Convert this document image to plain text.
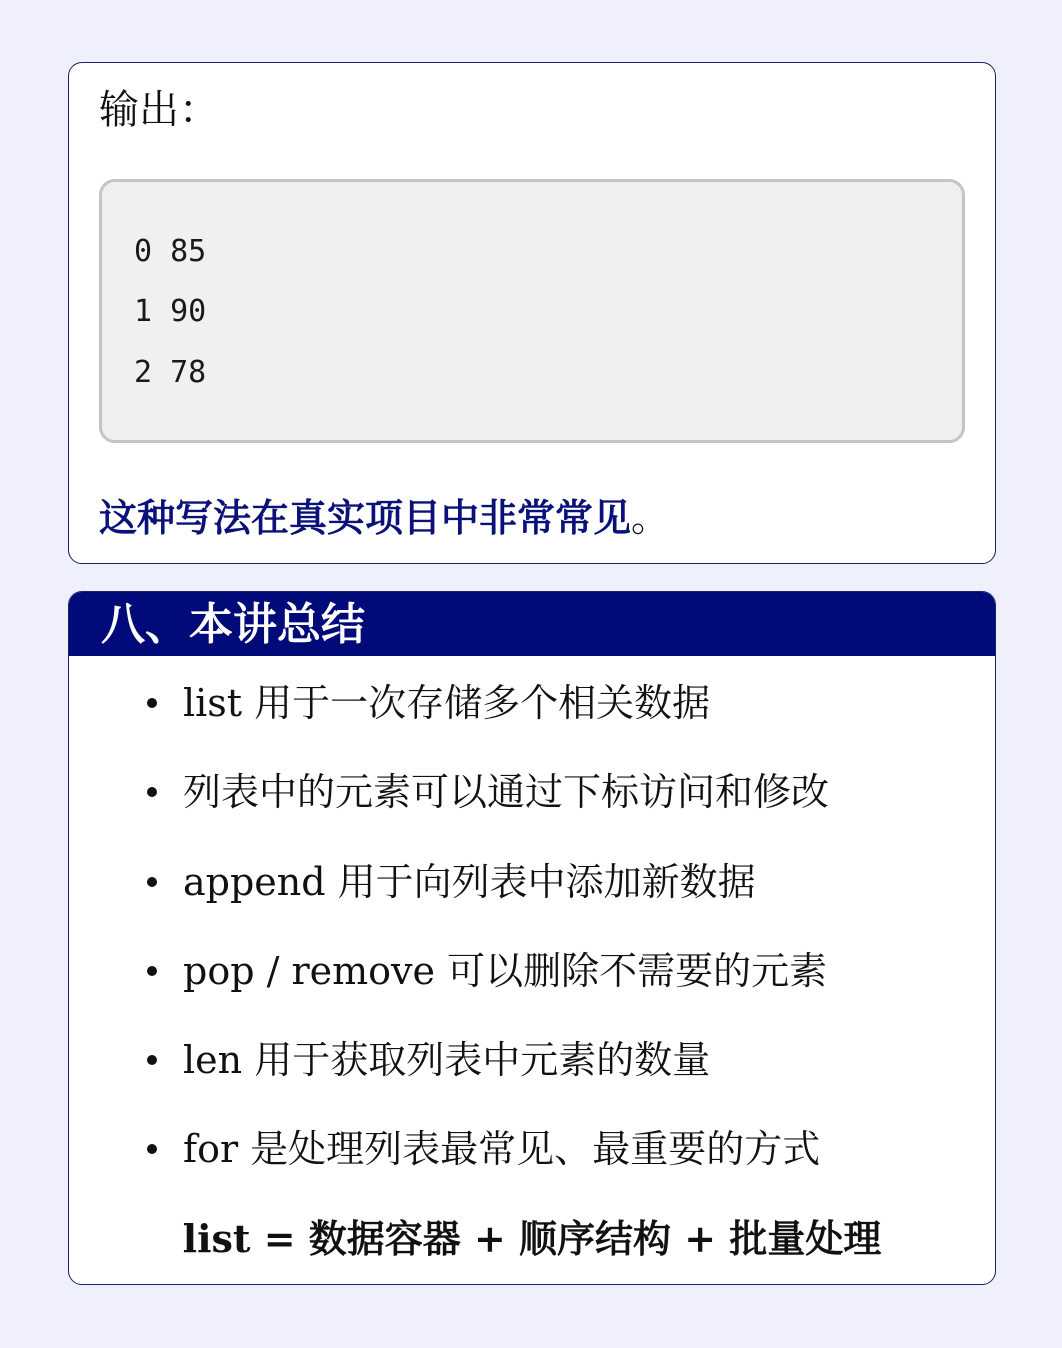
输出：
0 85
1 90
2 78
这种写法在真实项目中非常常见。
八、本讲总结
list 用于一次存储多个相关数据
列表中的元素可以通过下标访问和修改
append 用于向列表中添加新数据
pop / remove 可以删除不需要的元素
len 用于获取列表中元素的数量
for 是处理列表最常见、最重要的方式
list = 数据容器 + 顺序结构 + 批量处理
